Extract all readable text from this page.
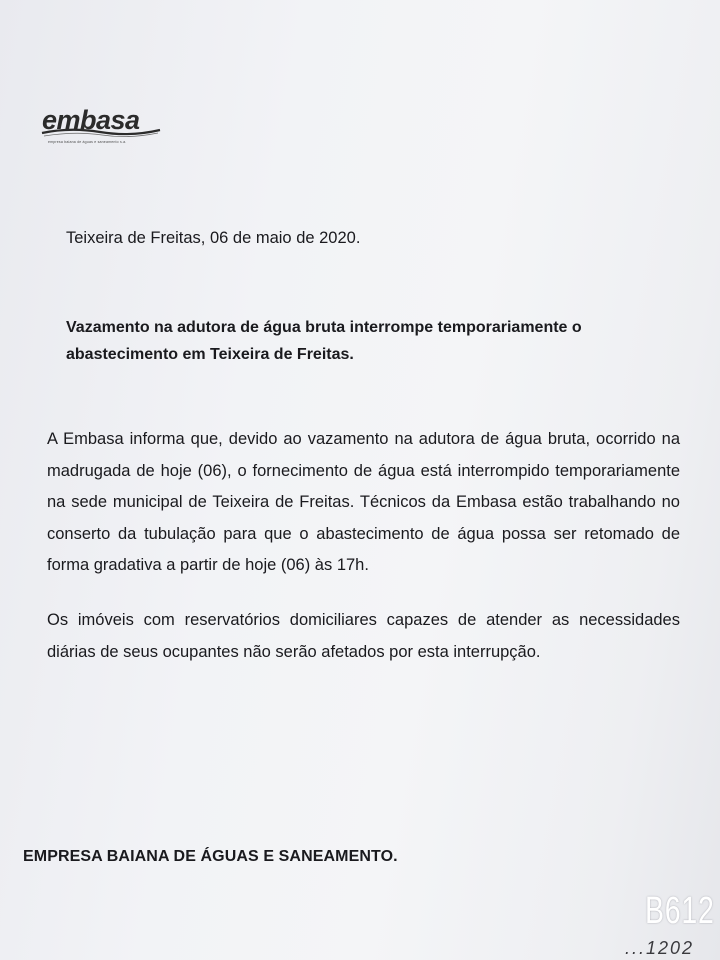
embasa
empresa baiana de águas e saneamento s.a.
Teixeira de Freitas, 06 de maio de 2020.

Vazamento na adutora de água bruta interrompe temporariamente o abastecimento em Teixeira de Freitas.

A Embasa informa que, devido ao vazamento na adutora de água bruta, ocorrido na madrugada de hoje (06), o fornecimento de água está interrompido temporariamente na sede municipal de Teixeira de Freitas. Técnicos da Embasa estão trabalhando no conserto da tubulação para que o abastecimento de água possa ser retomado de forma gradativa a partir de hoje (06) às 17h.

Os imóveis com reservatórios domiciliares capazes de atender as necessidades diárias de seus ocupantes não serão afetados por esta interrupção.

EMPRESA BAIANA DE ÁGUAS E SANEAMENTO.
B612
...1202
